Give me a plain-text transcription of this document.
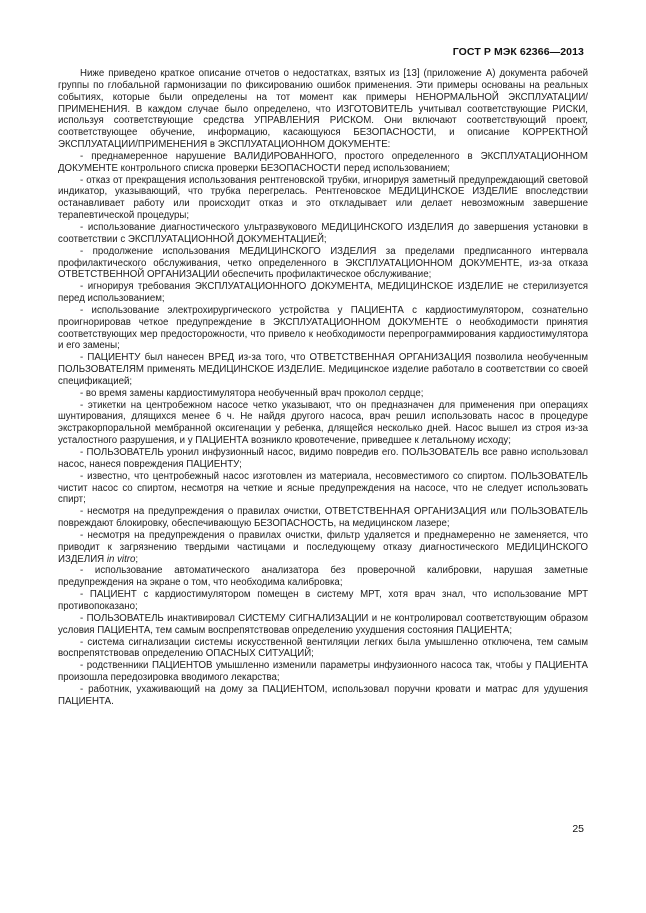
ГОСТ Р МЭК 62366—2013

Ниже приведено краткое описание отчетов о недостатках, взятых из [13] (приложение А) документа рабочей группы по глобальной гармонизации по фиксированию ошибок применения. Эти примеры основаны на реальных событиях, которые были определены на тот момент как примеры НЕНОРМАЛЬНОЙ ЭКСПЛУАТАЦИИ/ПРИМЕНЕНИЯ. В каждом случае было определено, что ИЗГОТОВИТЕЛЬ учитывал соответствующие РИСКИ, используя соответствующие средства УПРАВЛЕНИЯ РИСКОМ. Они включают соответствующий проект, соответствующее обучение, информацию, касающуюся БЕЗОПАСНОСТИ, и описание КОРРЕКТНОЙ ЭКСПЛУАТАЦИИ/ПРИМЕНЕНИЯ в ЭКСПЛУАТАЦИОННОМ ДОКУМЕНТЕ:

- преднамеренное нарушение ВАЛИДИРОВАННОГО, простого определенного в ЭКСПЛУАТАЦИОННОМ ДОКУМЕНТЕ контрольного списка проверки БЕЗОПАСНОСТИ перед использованием;

- отказ от прекращения использования рентгеновской трубки, игнорируя заметный предупреждающий световой индикатор, указывающий, что трубка перегрелась. Рентгеновское МЕДИЦИНСКОЕ ИЗДЕЛИЕ впоследствии останавливает работу или происходит отказ и это откладывает или делает невозможным завершение терапевтической процедуры;

- использование диагностического ультразвукового МЕДИЦИНСКОГО ИЗДЕЛИЯ до завершения установки в соответствии с ЭКСПЛУАТАЦИОННОЙ ДОКУМЕНТАЦИЕЙ;

- продолжение использования МЕДИЦИНСКОГО ИЗДЕЛИЯ за пределами предписанного интервала профилактического обслуживания, четко определенного в ЭКСПЛУАТАЦИОННОМ ДОКУМЕНТЕ, из-за отказа ОТВЕТСТВЕННОЙ ОРГАНИЗАЦИИ обеспечить профилактическое обслуживание;

- игнорируя требования ЭКСПЛУАТАЦИОННОГО ДОКУМЕНТА, МЕДИЦИНСКОЕ ИЗДЕЛИЕ не стерилизуется перед использованием;

- использование электрохирургического устройства у ПАЦИЕНТА с кардиостимулятором, сознательно проигнорировав четкое предупреждение в ЭКСПЛУАТАЦИОННОМ ДОКУМЕНТЕ о необходимости принятия соответствующих мер предосторожности, что привело к необходимости перепрограммирования кардиостимулятора и его замены;

- ПАЦИЕНТУ был нанесен ВРЕД из-за того, что ОТВЕТСТВЕННАЯ ОРГАНИЗАЦИЯ позволила необученным ПОЛЬЗОВАТЕЛЯМ применять МЕДИЦИНСКОЕ ИЗДЕЛИЕ. Медицинское изделие работало в соответствии со своей спецификацией;

- во время замены кардиостимулятора необученный врач проколол сердце;

- этикетки на центробежном насосе четко указывают, что он предназначен для применения при операциях шунтирования, длящихся менее 6 ч. Не найдя другого насоса, врач решил использовать насос в процедуре экстракорпоральной мембранной оксигенации у ребенка, длящейся несколько дней. Насос вышел из строя из-за усталостного разрушения, и у ПАЦИЕНТА возникло кровотечение, приведшее к летальному исходу;

- ПОЛЬЗОВАТЕЛЬ уронил инфузионный насос, видимо повредив его. ПОЛЬЗОВАТЕЛЬ все равно использовал насос, нанеся повреждения ПАЦИЕНТУ;

- известно, что центробежный насос изготовлен из материала, несовместимого со спиртом. ПОЛЬЗОВАТЕЛЬ чистит насос со спиртом, несмотря на четкие и ясные предупреждения на насосе, что не следует использовать спирт;

- несмотря на предупреждения о правилах очистки, ОТВЕТСТВЕННАЯ ОРГАНИЗАЦИЯ или ПОЛЬЗОВАТЕЛЬ повреждают блокировку, обеспечивающую БЕЗОПАСНОСТЬ, на медицинском лазере;

- несмотря на предупреждения о правилах очистки, фильтр удаляется и преднамеренно не заменяется, что приводит к загрязнению твердыми частицами и последующему отказу диагностического МЕДИЦИНСКОГО ИЗДЕЛИЯ in vitro;

- использование автоматического анализатора без проверочной калибровки, нарушая заметные предупреждения на экране о том, что необходима калибровка;

- ПАЦИЕНТ с кардиостимулятором помещен в систему МРТ, хотя врач знал, что использование МРТ противопоказано;

- ПОЛЬЗОВАТЕЛЬ инактивировал СИСТЕМУ СИГНАЛИЗАЦИИ и не контролировал соответствующим образом условия ПАЦИЕНТА, тем самым воспрепятствовав определению ухудшения состояния ПАЦИЕНТА;

- система сигнализации системы искусственной вентиляции легких была умышленно отключена, тем самым воспрепятствовав определению ОПАСНЫХ СИТУАЦИЙ;

- родственники ПАЦИЕНТОВ умышленно изменили параметры инфузионного насоса так, чтобы у ПАЦИЕНТА произошла передозировка вводимого лекарства;

- работник, ухаживающий на дому за ПАЦИЕНТОМ, использовал поручни кровати и матрас для удушения ПАЦИЕНТА.

25
